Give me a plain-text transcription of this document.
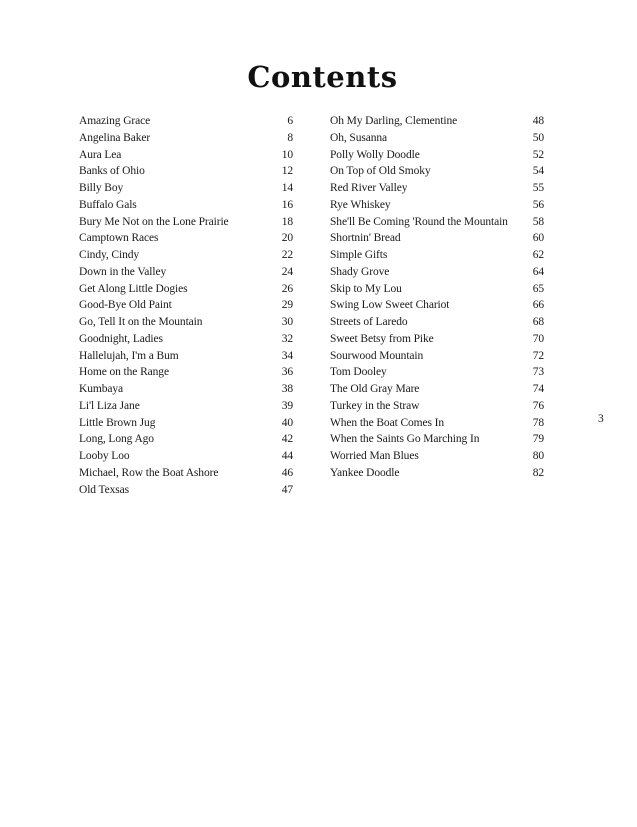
Contents
Amazing Grace	6
Angelina Baker	8
Aura Lea	10
Banks of Ohio	12
Billy Boy	14
Buffalo Gals	16
Bury Me Not on the Lone Prairie	18
Camptown Races	20
Cindy, Cindy	22
Down in the Valley	24
Get Along Little Dogies	26
Good-Bye Old Paint	29
Go, Tell It on the Mountain	30
Goodnight, Ladies	32
Hallelujah, I'm a Bum	34
Home on the Range	36
Kumbaya	38
Li'l Liza Jane	39
Little Brown Jug	40
Long, Long Ago	42
Looby Loo	44
Michael, Row the Boat Ashore	46
Old Texsas	47
Oh My Darling, Clementine	48
Oh, Susanna	50
Polly Wolly Doodle	52
On Top of Old Smoky	54
Red River Valley	55
Rye Whiskey	56
She'll Be Coming 'Round the Mountain	58
Shortnin' Bread	60
Simple Gifts	62
Shady Grove	64
Skip to My Lou	65
Swing Low Sweet Chariot	66
Streets of Laredo	68
Sweet Betsy from Pike	70
Sourwood Mountain	72
Tom Dooley	73
The Old Gray Mare	74
Turkey in the Straw	76
When the Boat Comes In	78
When the Saints Go Marching In	79
Worried Man Blues	80
Yankee Doodle	82
3
